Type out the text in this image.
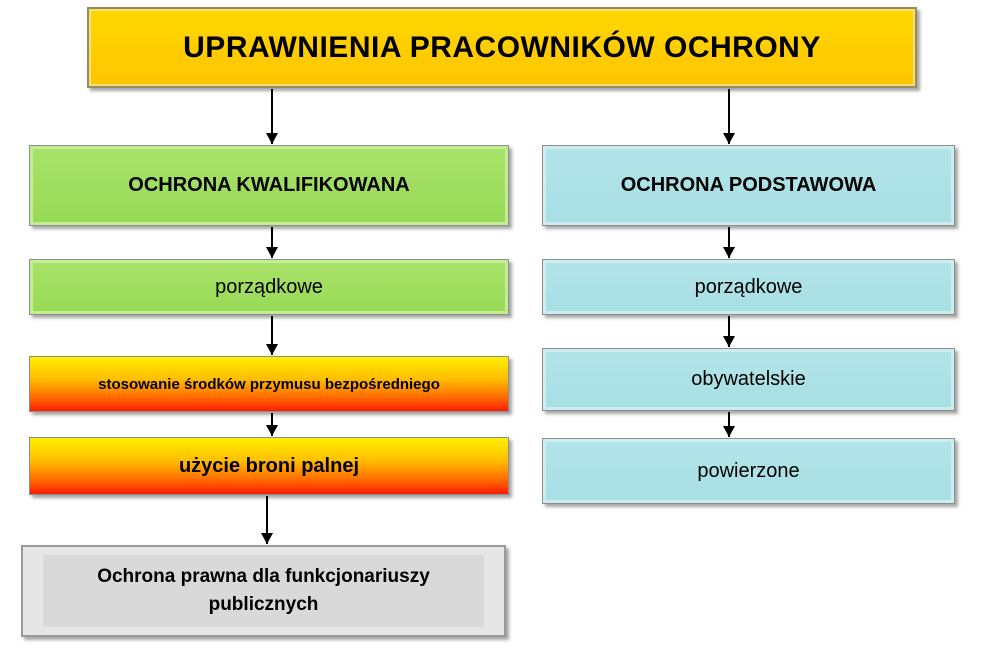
UPRAWNIENIA PRACOWNIKÓW OCHRONY
OCHRONA KWALIFIKOWANA	OCHRONA PODSTAWOWA
porządkowe
stosowanie środków przymusu bezpośredniego
użycie broni palnej
Ochrona prawna dla funkcjonariuszy
publicznych
porządkowe
obywatelskie
powierzone
